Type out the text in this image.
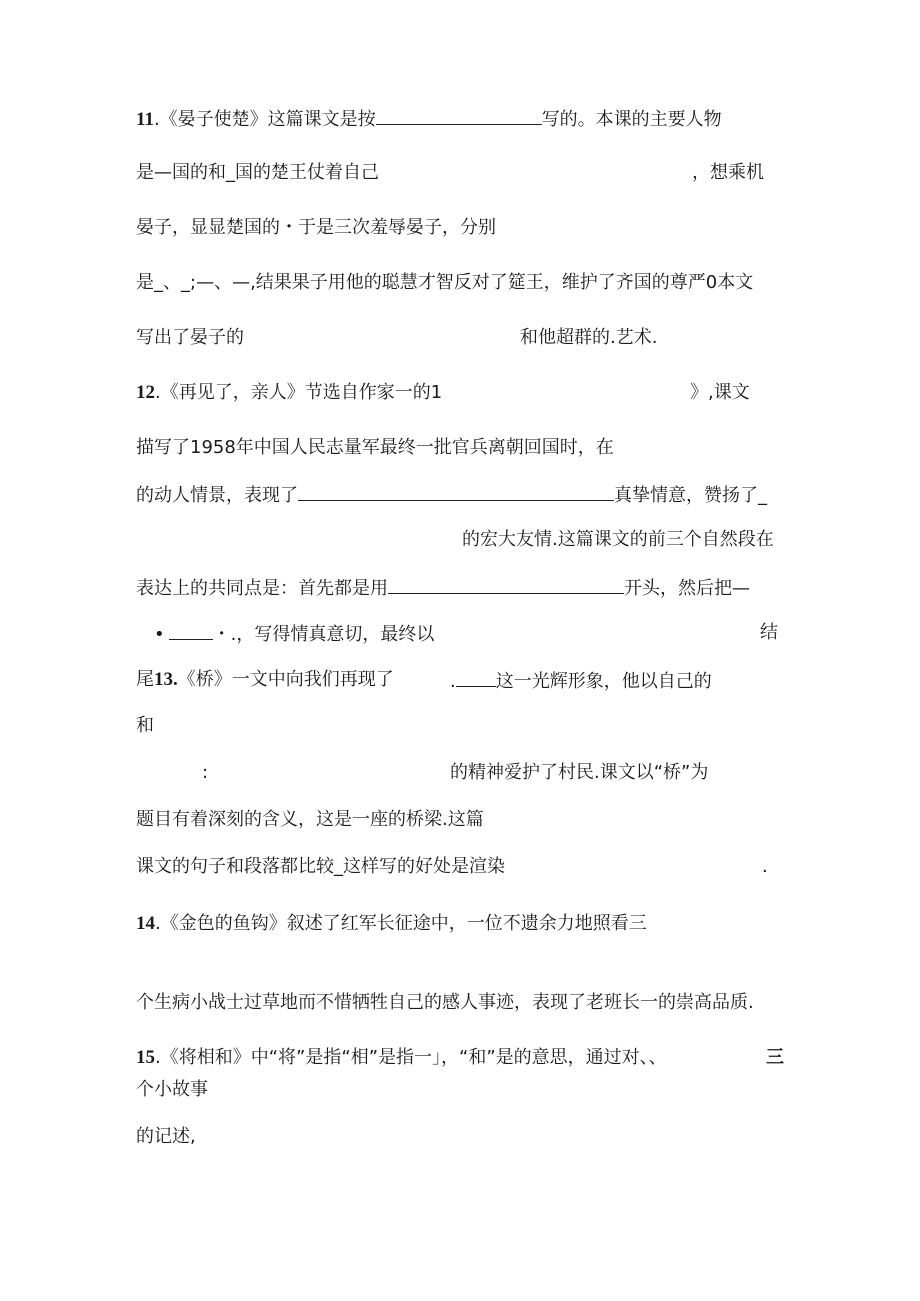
11.《晏子使楚》这篇课文是按	写的。本课的主要人物
是—国的和_国的楚王仗着自己	，想乘机
晏子，显显楚国的・于是三次羞辱晏子，分别
是_、_;—、—,结果果子用他的聪慧才智反对了筵王，维护了齐国的尊严0本文
写出了晏子的	和他超群的.艺术.
12.《再见了，亲人》节选自作家一的1	》,课文
描写了1958年中国人民志量军最终一批官兵离朝回国时，在
的动人情景，表现了	真挚情意，赞扬了_
的宏大友情.这篇课文的前三个自然段在
表达上的共同点是：首先都是用	开头，然后把—
•	・.，写得情真意切，最终以	结
尾13.《桥》一文中向我们再现了	. 这一光辉形象，他以自己的
和
:	的精神爱护了村民.课文以“桥”为
题目有着深刻的含义，这是一座的桥梁.这篇
课文的句子和段落都比较_这样写的好处是渲染	.
14.《金色的鱼钩》叙述了红军长征途中，一位不遗余力地照看三
个生病小战士过草地而不惜牺牲自己的感人事迹，表现了老班长一的崇高品质.
15.《将相和》中“将”是指“相”是指一」，“和”是的意思，通过对、、	三
个小故事
的记述,
